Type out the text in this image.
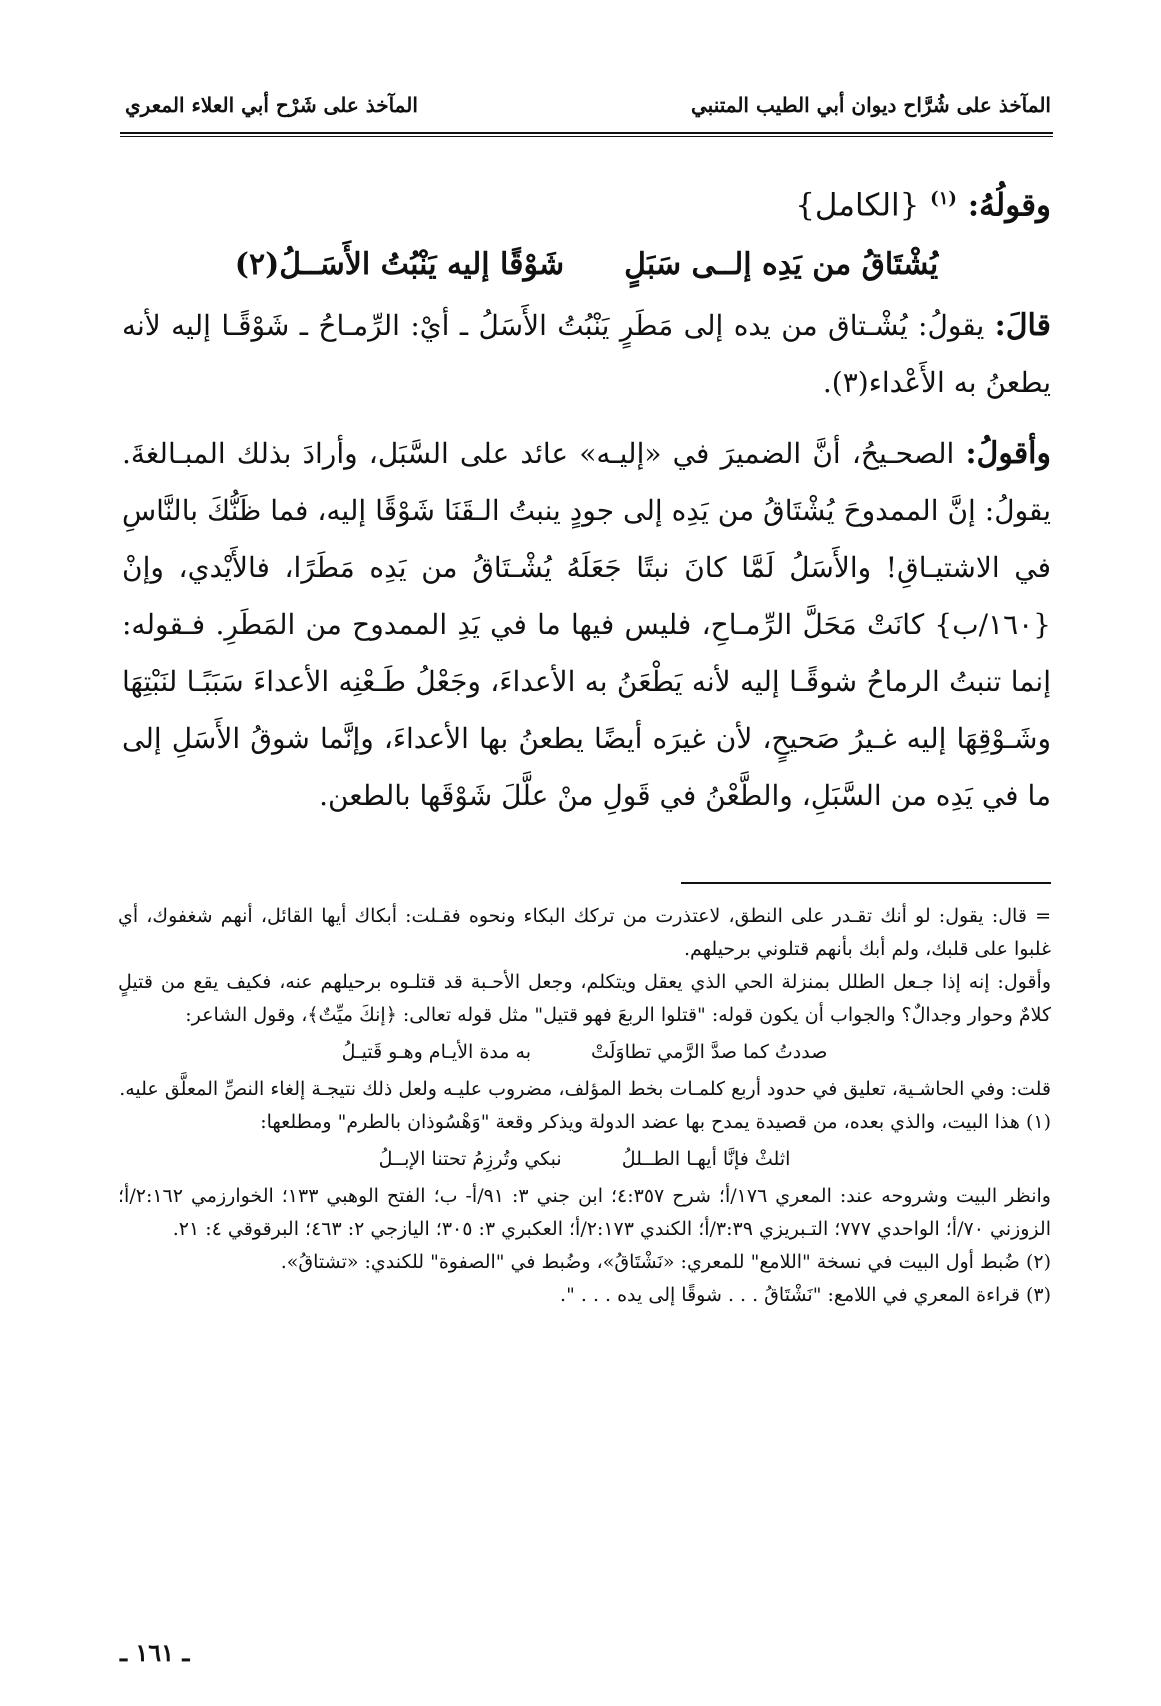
المآخذ على شُرَّاح ديوان أبي الطيب المتنبي
المآخذ على شَرْح أبي العلاء المعري
وقولُهُ: $^{(١)}$ {الكامل}
يُشْتَاقُ من يَدِه إلــى سَبَلٍ
شَوْقًا إليه يَنْبُتُ الأَسَــلُ(٢)

قالَ: يقولُ: يُشْـتاق من يده إلى مَطَرٍ يَنْبُتُ الأَسَلُ ـ أيْ: الرِّمـاحُ ـ شَوْقًـا إليه لأنه يطعنُ به الأَعْداء(٣).

وأقولُ: الصحـيحُ، أنَّ الضميرَ في «إليـه» عائد على السَّبَل، وأرادَ بذلك المبـالغةَ. يقولُ: إنَّ الممدوحَ يُشْتَاقُ من يَدِه إلى جودٍ ينبتُ الـقَنَا شَوْقًا إليه، فما ظَنُّكَ بالنَّاسِ في الاشتيـاقِ! والأَسَلُ لَمَّا كانَ نبتًا جَعَلَهُ يُشْـتَاقُ من يَدِه مَطَرًا، فالأَيْدي، وإنْ {١٦٠/ب} كانَتْ مَحَلَّ الرِّمـاحِ، فليس فيها ما في يَدِ الممدوح من المَطَرِ. فـقوله: إنما تنبتُ الرماحُ شوقًـا إليه لأنه يَطْعَنُ به الأعداءَ، وجَعْلُ طَـعْنِه الأعداءَ سَبَبًـا لنَبْتِهَا وشَـوْقِهَا إليه غـيرُ صَحيحٍ، لأن غيرَه أيضًا يطعنُ بها الأعداءَ، وإنَّما شوقُ الأَسَلِ إلى ما في يَدِه من السَّبَلِ، والطَّعْنُ في قَولِ منْ علَّلَ شَوْقَها بالطعن.

= قال: يقول: لو أنك تقـدر على النطق، لاعتذرت من تركك البكاء ونحوه فقـلت: أبكاك أيها القائل، أنهم شغفوك، أي غلبوا على قلبك، ولم أبك بأنهم قتلوني برحيلهم.

وأقول: إنه إذا جـعل الطلل بمنزلة الحي الذي يعقل ويتكلم، وجعل الأحـبة قد قتلـوه برحيلهم عنه، فكيف يقع من قتيلٍ كلامٌ وحوار وجدالٌ؟ والجواب أن يكون قوله: "قتلوا الربعَ فهو قتيل" مثل قوله تعالى: ﴿إنكَ ميِّتٌ﴾، وقول الشاعر:

صددتُ كما صدَّ الرَّمي تطاوَلَتْ
به مدة الأيـام وهـو قَتيـلُ

قلت: وفي الحاشـية، تعليق في حدود أربع كلمـات بخط المؤلف، مضروب عليـه ولعل ذلك نتيجـة إلغاء النصِّ المعلَّق عليه.

(١) هذا البيت، والذي بعده، من قصيدة يمدح بها عضد الدولة ويذكر وقعة "وَهْسُوذان بالطرم" ومطلعها:

اثلثْ فإنَّا أيهـا الطــللُ
نبكي وتُرزِمُ تحتنا الإبــلُ

وانظر البيت وشروحه عند: المعري ١٧٦/أ؛ شرح ٤:٣٥٧؛ ابن جني ٣: ٩١/أ- ب؛ الفتح الوهبي ١٣٣؛ الخوارزمي ٢:١٦٢/أ؛ الزوزني ٧٠/أ؛ الواحدي ٧٧٧؛ التـبريزي ٣:٣٩/أ؛ الكندي ٢:١٧٣/أ؛ العكبري ٣: ٣٠٥؛ اليازجي ٢: ٤٦٣؛ البرقوقي ٤: ٢١.

(٢) ضُبط أول البيت في نسخة "اللامع" للمعري: «نَشْتَاقُ»، وضُبط في "الصفوة" للكندي: «تشتاقُ».

(٣) قراءة المعري في اللامع: "نَشْتَاقُ . . . شوقًا إلى يده . . . ".

ـ ١٦١ ـ
